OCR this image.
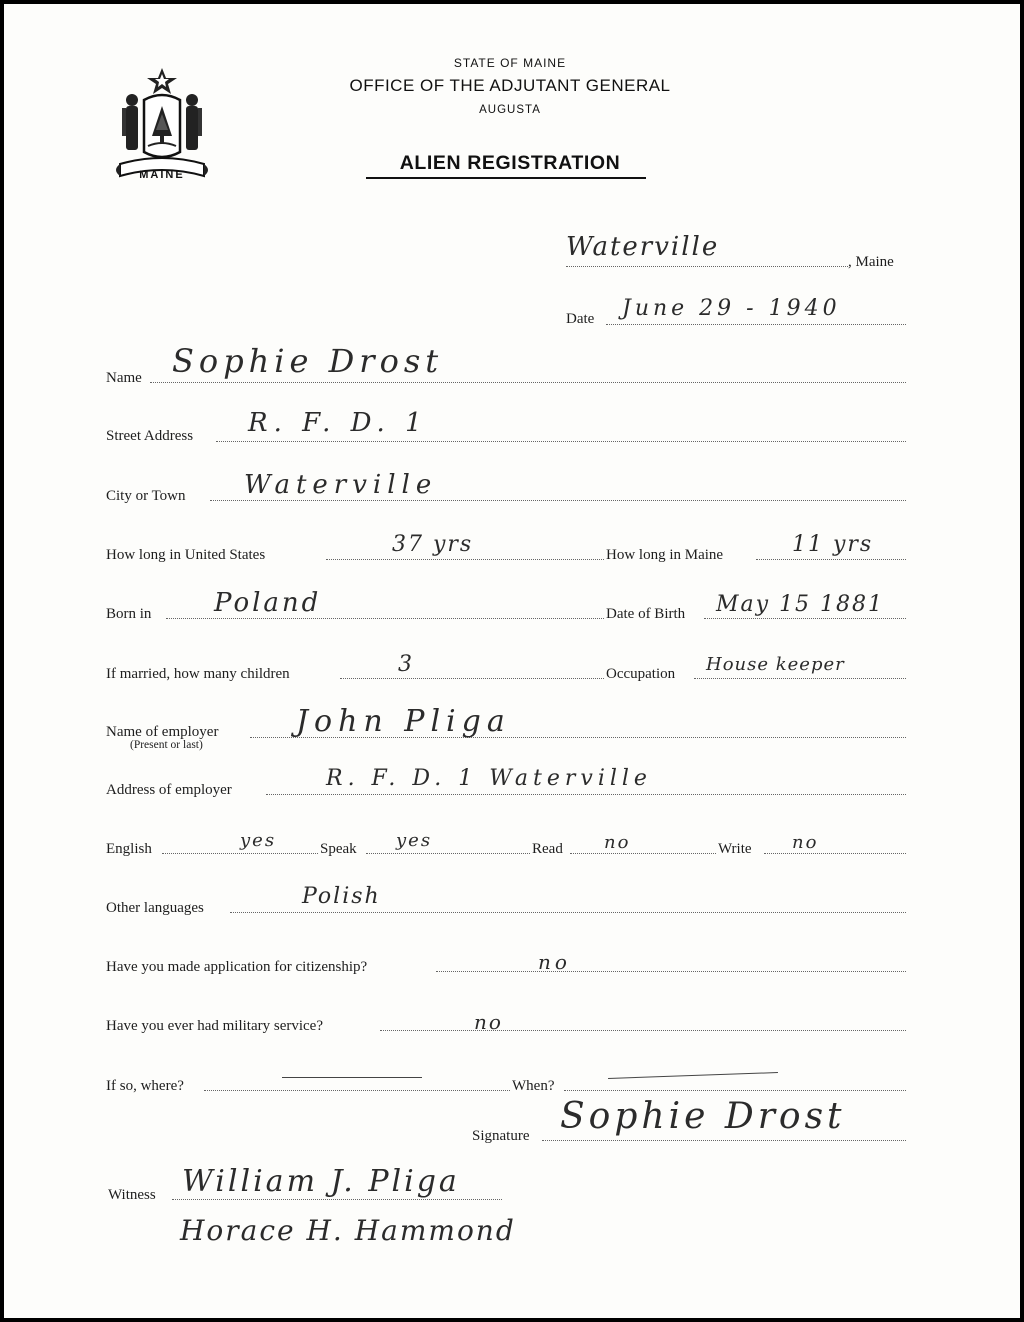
MAINE
STATE OF MAINE
OFFICE OF THE ADJUTANT GENERAL
AUGUSTA
ALIEN REGISTRATION
Waterville	, Maine
Date June 29 - 1940
Name Sophie Drost
Street Address R. F. D. 1
City or Town Waterville
How long in United States	37 yrs	How long in Maine	11 yrs
Born in Poland	Date of Birth May 15 1881
If married, how many children	3	Occupation House keeper
Name of employer
(Present or last)
John Pliga
Address of employer	R. F. D. 1 Waterville
English	yes	Speak yes	Read no	Write no
Other languages	Polish
Have you made application for citizenship?	no
Have you ever had military service?	no
If so, where?	When?
Signature Sophie Drost
Witness William J. Pliga
Horace H. Hammond
